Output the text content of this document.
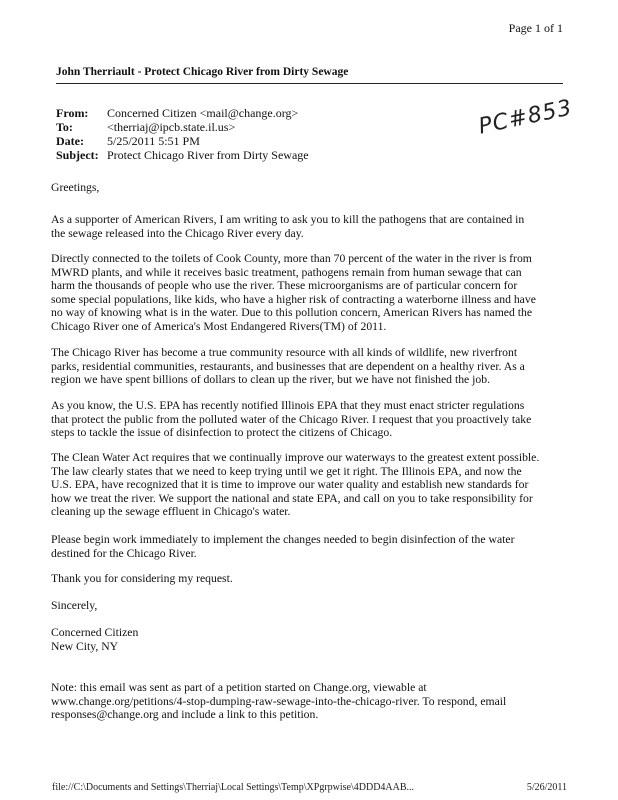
Page 1 of 1
John Therriault - Protect Chicago River from Dirty Sewage
From: Concerned Citizen <mail@change.org>
To:	<therriaj@ipcb.state.il.us>
Date: 5/25/2011 5:51 PM
Subject: Protect Chicago River from Dirty Sewage
PC#853
Greetings,
As a supporter of American Rivers, I am writing to ask you to kill the pathogens that are contained in
the sewage released into the Chicago River every day.
Directly connected to the toilets of Cook County, more than 70 percent of the water in the river is from
MWRD plants, and while it receives basic treatment, pathogens remain from human sewage that can
harm the thousands of people who use the river. These microorganisms are of particular concern for
some special populations, like kids, who have a higher risk of contracting a waterborne illness and have
no way of knowing what is in the water. Due to this pollution concern, American Rivers has named the
Chicago River one of America's Most Endangered Rivers(TM) of 2011.
The Chicago River has become a true community resource with all kinds of wildlife, new riverfront
parks, residential communities, restaurants, and businesses that are dependent on a healthy river. As a
region we have spent billions of dollars to clean up the river, but we have not finished the job.
As you know, the U.S. EPA has recently notified Illinois EPA that they must enact stricter regulations
that protect the public from the polluted water of the Chicago River. I request that you proactively take
steps to tackle the issue of disinfection to protect the citizens of Chicago.
The Clean Water Act requires that we continually improve our waterways to the greatest extent possible.
The law clearly states that we need to keep trying until we get it right. The Illinois EPA, and now the
U.S. EPA, have recognized that it is time to improve our water quality and establish new standards for
how we treat the river. We support the national and state EPA, and call on you to take responsibility for
cleaning up the sewage effluent in Chicago's water.
Please begin work immediately to implement the changes needed to begin disinfection of the water
destined for the Chicago River.
Thank you for considering my request.
Sincerely,
Concerned Citizen
New City, NY
Note: this email was sent as part of a petition started on Change.org, viewable at
www.change.org/petitions/4-stop-dumping-raw-sewage-into-the-chicago-river. To respond, email
responses@change.org and include a link to this petition.
file://C:\Documents and Settings\Therriaj\Local Settings\Temp\XPgrpwise\4DDD4AAB...	5/26/2011
